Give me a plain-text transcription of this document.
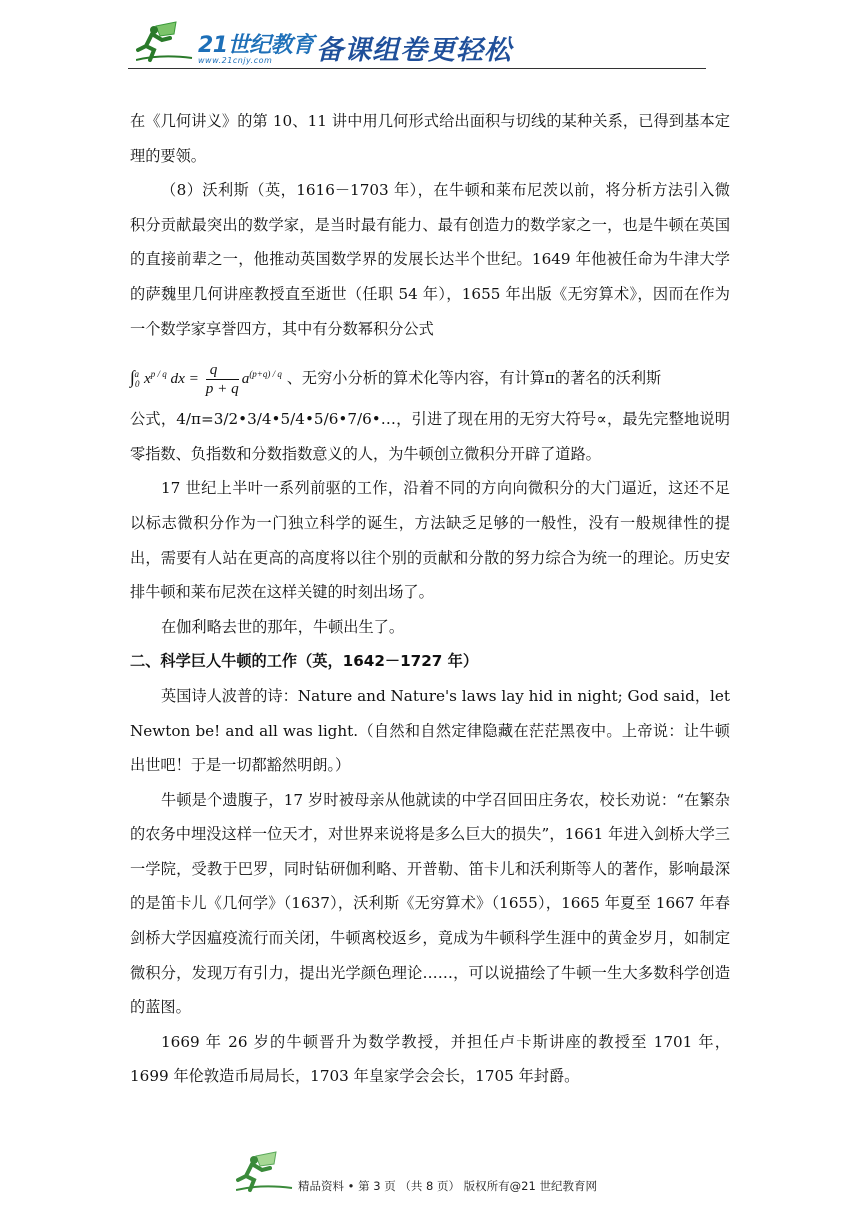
21世纪教育
www.21cnjy.com 备课组卷更轻松

在《几何讲义》的第 10、11 讲中用几何形式给出面积与切线的某种关系，已得到基本定理的要领。

（8）沃利斯（英，1616－1703 年），在牛顿和莱布尼茨以前，将分析方法引入微积分贡献最突出的数学家，是当时最有能力、最有创造力的数学家之一，也是牛顿在英国的直接前辈之一，他推动英国数学界的发展长达半个世纪。1649 年他被任命为牛津大学的萨魏里几何讲座教授直至逝世（任职 54 年），1655 年出版《无穷算术》，因而在作为一个数学家享誉四方，其中有分数幂积分公式

$\int_0^a$ $x^{p / q}$ dx = $\frac{q}{p + q} a^{(p+q) / q}$ 、无穷小分析的算术化等内容，有计算π的著名的沃利斯

公式，4/π=3/2•3/4•5/4•5/6•7/6•…，引进了现在用的无穷大符号∝，最先完整地说明零指数、负指数和分数指数意义的人，为牛顿创立微积分开辟了道路。

17 世纪上半叶一系列前驱的工作，沿着不同的方向向微积分的大门逼近，这还不足以标志微积分作为一门独立科学的诞生，方法缺乏足够的一般性，没有一般规律性的提出，需要有人站在更高的高度将以往个别的贡献和分散的努力综合为统一的理论。历史安排牛顿和莱布尼茨在这样关键的时刻出场了。

在伽利略去世的那年，牛顿出生了。

二、科学巨人牛顿的工作（英，1642－1727 年）

英国诗人波普的诗：Nature and Nature's laws lay hid in night; God said，let Newton be! and all was light.（自然和自然定律隐藏在茫茫黑夜中。上帝说：让牛顿出世吧！于是一切都豁然明朗。）

牛顿是个遗腹子，17 岁时被母亲从他就读的中学召回田庄务农，校长劝说：“在繁杂的农务中埋没这样一位天才，对世界来说将是多么巨大的损失”，1661 年进入剑桥大学三一学院，受教于巴罗，同时钻研伽利略、开普勒、笛卡儿和沃利斯等人的著作，影响最深的是笛卡儿《几何学》（1637），沃利斯《无穷算术》（1655），1665 年夏至 1667 年春剑桥大学因瘟疫流行而关闭，牛顿离校返乡，竟成为牛顿科学生涯中的黄金岁月，如制定微积分，发现万有引力，提出光学颜色理论……，可以说描绘了牛顿一生大多数科学创造的蓝图。

1669 年 26 岁的牛顿晋升为数学教授，并担任卢卡斯讲座的教授至 1701 年，1699 年伦敦造币局局长，1703 年皇家学会会长，1705 年封爵。

精品资料 • 第 3 页 （共 8 页） 版权所有@21 世纪教育网
